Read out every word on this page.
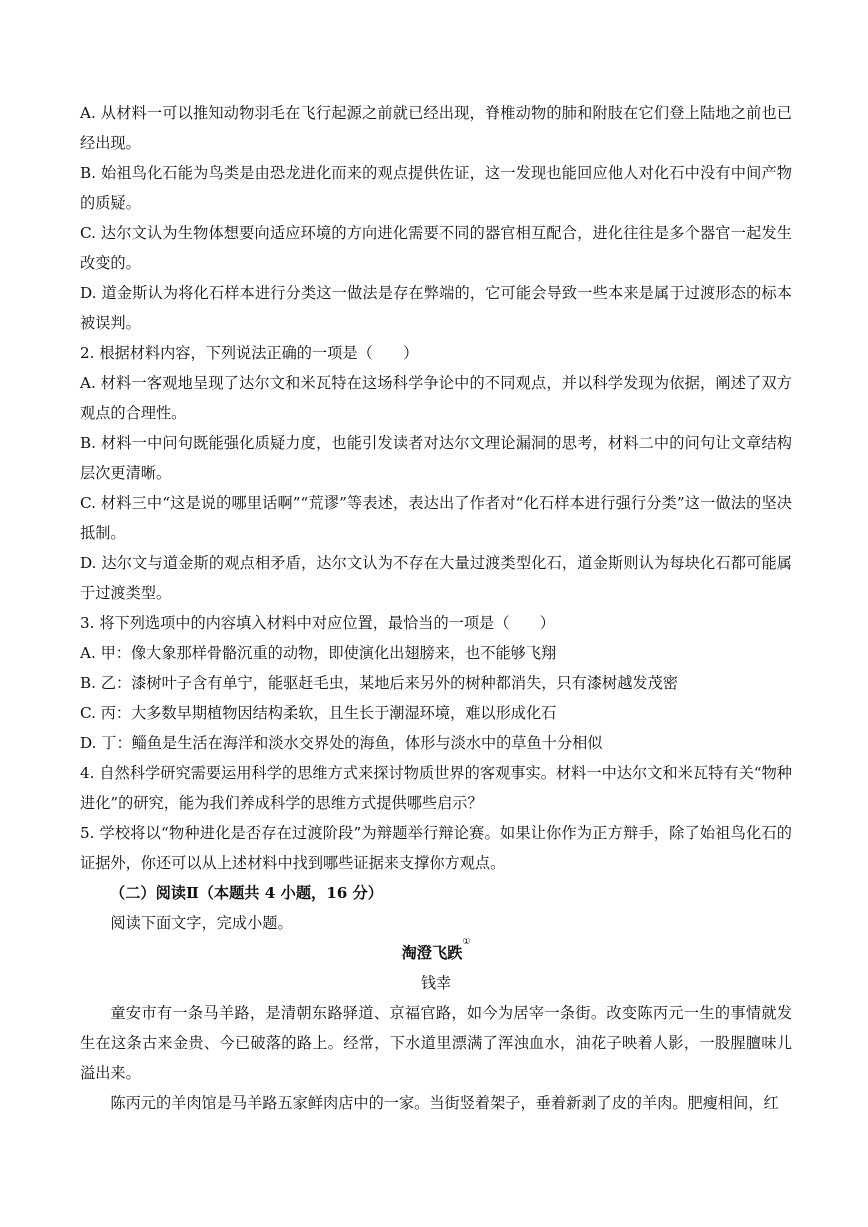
A. 从材料一可以推知动物羽毛在飞行起源之前就已经出现，脊椎动物的肺和附肢在它们登上陆地之前也已经出现。
B. 始祖鸟化石能为鸟类是由恐龙进化而来的观点提供佐证，这一发现也能回应他人对化石中没有中间产物的质疑。
C. 达尔文认为生物体想要向适应环境的方向进化需要不同的器官相互配合，进化往往是多个器官一起发生改变的。
D. 道金斯认为将化石样本进行分类这一做法是存在弊端的，它可能会导致一些本来是属于过渡形态的标本被误判。
2. 根据材料内容，下列说法正确的一项是（　　）
A. 材料一客观地呈现了达尔文和米瓦特在这场科学争论中的不同观点，并以科学发现为依据，阐述了双方观点的合理性。
B. 材料一中问句既能强化质疑力度，也能引发读者对达尔文理论漏洞的思考，材料二中的问句让文章结构层次更清晰。
C. 材料三中“这是说的哪里话啊”“荒谬”等表述，表达出了作者对“化石样本进行强行分类”这一做法的坚决抵制。
D. 达尔文与道金斯的观点相矛盾，达尔文认为不存在大量过渡类型化石，道金斯则认为每块化石都可能属于过渡类型。
3. 将下列选项中的内容填入材料中对应位置，最恰当的一项是（　　）
A. 甲：像大象那样骨骼沉重的动物，即使演化出翅膀来，也不能够飞翔
B. 乙：漆树叶子含有单宁，能驱赶毛虫，某地后来另外的树种都消失，只有漆树越发茂密
C. 丙：大多数早期植物因结构柔软，且生长于潮湿环境，难以形成化石
D. 丁：鲻鱼是生活在海洋和淡水交界处的海鱼，体形与淡水中的草鱼十分相似
4. 自然科学研究需要运用科学的思维方式来探讨物质世界的客观事实。材料一中达尔文和米瓦特有关“物种进化”的研究，能为我们养成科学的思维方式提供哪些启示？
5. 学校将以“物种进化是否存在过渡阶段”为辩题举行辩论赛。如果让你作为正方辩手，除了始祖鸟化石的证据外，你还可以从上述材料中找到哪些证据来支撑你方观点。
（二）阅读Ⅱ（本题共 4 小题，16 分）
阅读下面文字，完成小题。
淘澄飞跌①
钱幸
童安市有一条马羊路，是清朝东路驿道、京福官路，如今为居宰一条街。改变陈丙元一生的事情就发生在这条古来金贵、今已破落的路上。经常，下水道里漂满了浑浊血水，油花子映着人影，一股腥膻味儿溢出来。
陈丙元的羊肉馆是马羊路五家鲜肉店中的一家。当街竖着架子，垂着新剥了皮的羊肉。肥瘦相间，红
